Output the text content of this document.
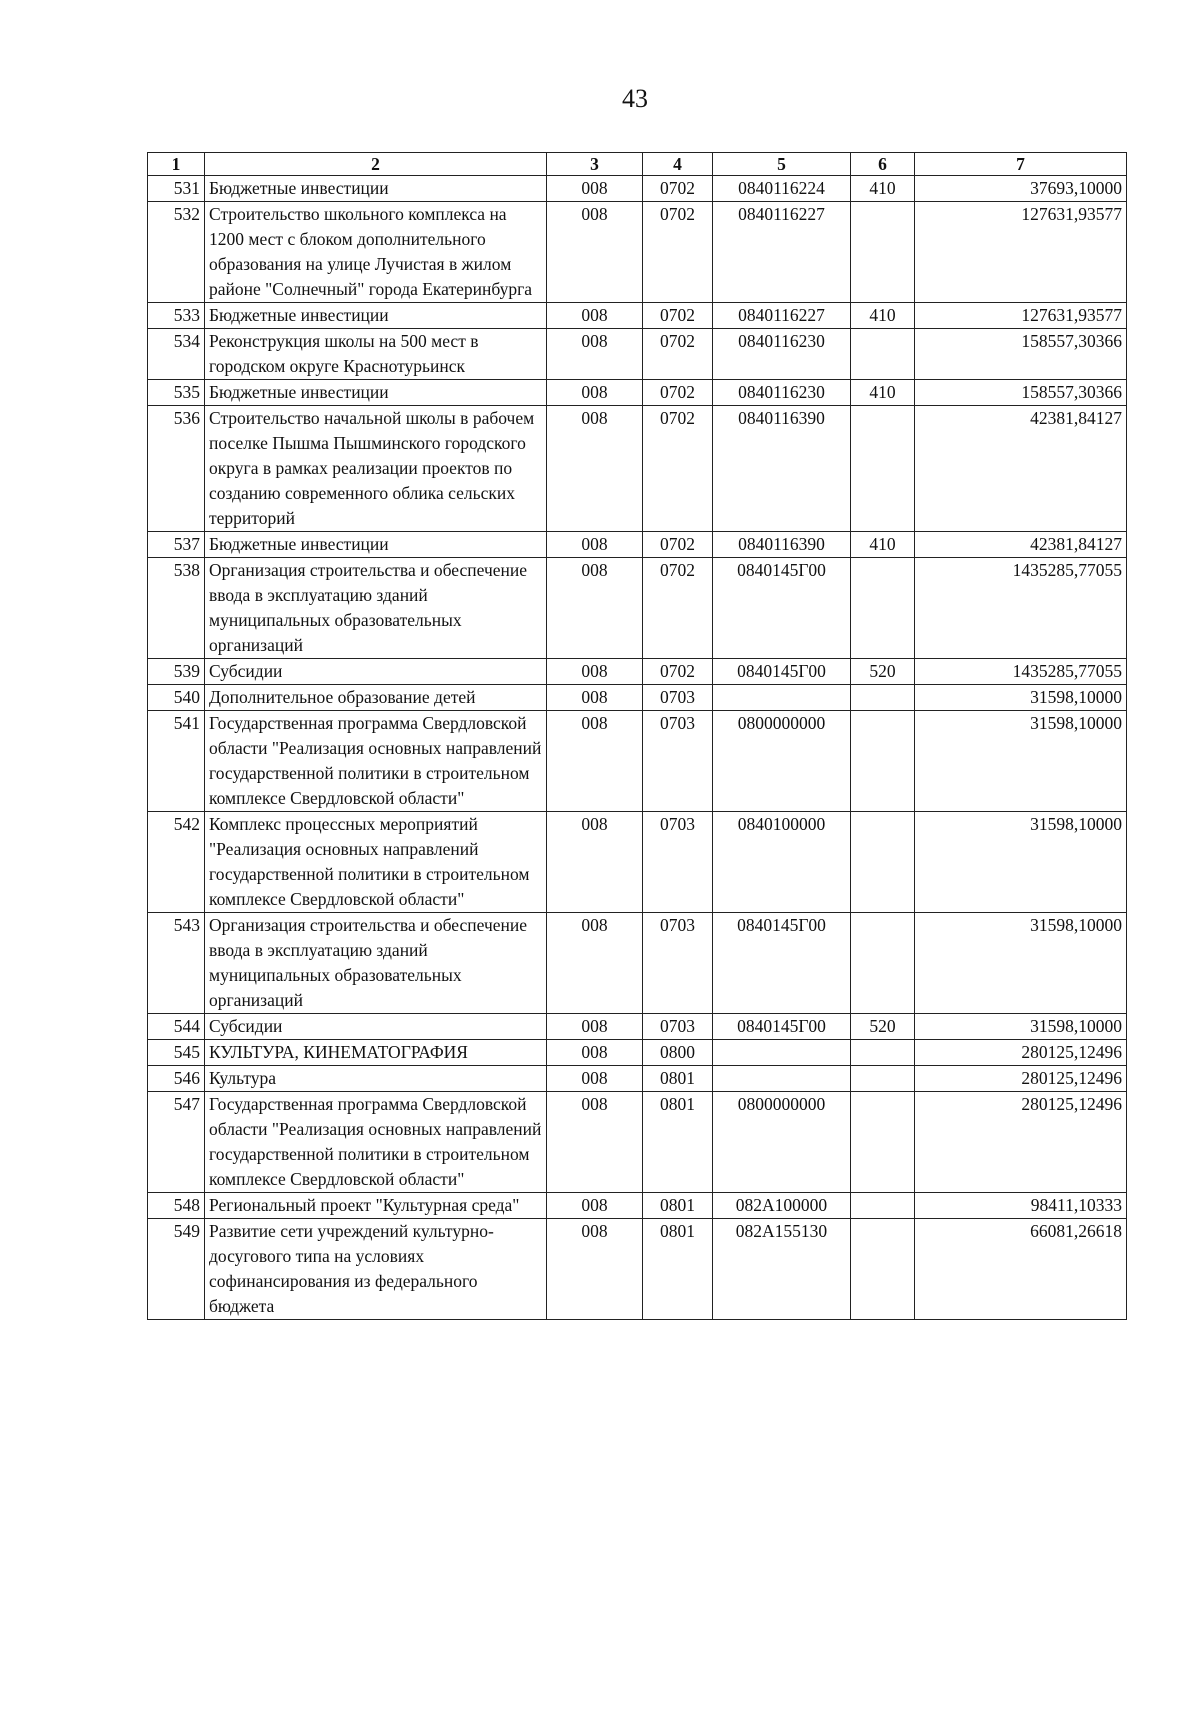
43
1	2	3	4	5	6	7
531	Бюджетные инвестиции	008	0702	0840116224	410	37693,10000
532	Строительство школьного комплекса на 1200 мест с блоком дополнительного образования на улице Лучистая в жилом районе "Солнечный" города Екатеринбурга	008	0702	0840116227		127631,93577
533	Бюджетные инвестиции	008	0702	0840116227	410	127631,93577
534	Реконструкция школы на 500 мест в городском округе Краснотурьинск	008	0702	0840116230		158557,30366
535	Бюджетные инвестиции	008	0702	0840116230	410	158557,30366
536	Строительство начальной школы в рабочем поселке Пышма Пышминского городского округа в рамках реализации проектов по созданию современного облика сельских территорий	008	0702	0840116390		42381,84127
537	Бюджетные инвестиции	008	0702	0840116390	410	42381,84127
538	Организация строительства и обеспечение ввода в эксплуатацию зданий муниципальных образовательных организаций	008	0702	0840145Г00		1435285,77055
539	Субсидии	008	0702	0840145Г00	520	1435285,77055
540	Дополнительное образование детей	008	0703			31598,10000
541	Государственная программа Свердловской области "Реализация основных направлений государственной политики в строительном комплексе Свердловской области"	008	0703	0800000000		31598,10000
542	Комплекс процессных мероприятий "Реализация основных направлений государственной политики в строительном комплексе Свердловской области"	008	0703	0840100000		31598,10000
543	Организация строительства и обеспечение ввода в эксплуатацию зданий муниципальных образовательных организаций	008	0703	0840145Г00		31598,10000
544	Субсидии	008	0703	0840145Г00	520	31598,10000
545	КУЛЬТУРА, КИНЕМАТОГРАФИЯ	008	0800			280125,12496
546	Культура	008	0801			280125,12496
547	Государственная программа Свердловской области "Реализация основных направлений государственной политики в строительном комплексе Свердловской области"	008	0801	0800000000		280125,12496
548	Региональный проект "Культурная среда"	008	0801	082А100000		98411,10333
549	Развитие сети учреждений культурно-досугового типа на условиях софинансирования из федерального бюджета	008	0801	082А155130		66081,26618
